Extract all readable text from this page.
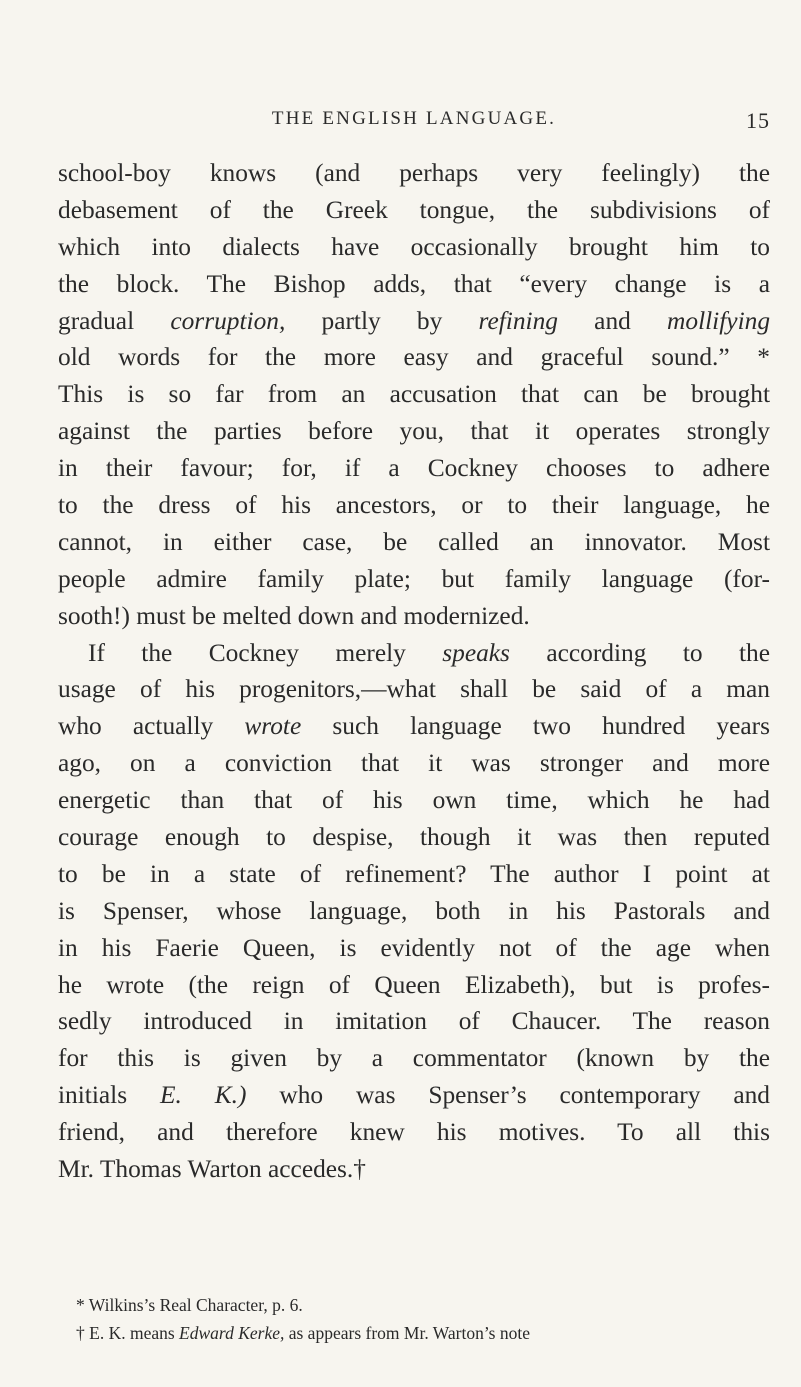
THE ENGLISH LANGUAGE.	15
school-boy knows (and perhaps very feelingly) the
debasement of the Greek tongue, the subdivisions of
which into dialects have occasionally brought him to
the block. The Bishop adds, that “every change is a
gradual corruption, partly by refining and mollifying
old words for the more easy and graceful sound.” *
This is so far from an accusation that can be brought
against the parties before you, that it operates strongly
in their favour; for, if a Cockney chooses to adhere
to the dress of his ancestors, or to their language, he
cannot, in either case, be called an innovator. Most
people admire family plate; but family language (for-
sooth!) must be melted down and modernized.
If the Cockney merely speaks according to the
usage of his progenitors,—what shall be said of a man
who actually wrote such language two hundred years
ago, on a conviction that it was stronger and more
energetic than that of his own time, which he had
courage enough to despise, though it was then reputed
to be in a state of refinement? The author I point at
is Spenser, whose language, both in his Pastorals and
in his Faerie Queen, is evidently not of the age when
he wrote (the reign of Queen Elizabeth), but is profes-
sedly introduced in imitation of Chaucer. The reason
for this is given by a commentator (known by the
initials E. K.) who was Spenser’s contemporary and
friend, and therefore knew his motives. To all this
Mr. Thomas Warton accedes.†
* Wilkins’s Real Character, p. 6.
† E. K. means Edward Kerke, as appears from Mr. Warton’s note
